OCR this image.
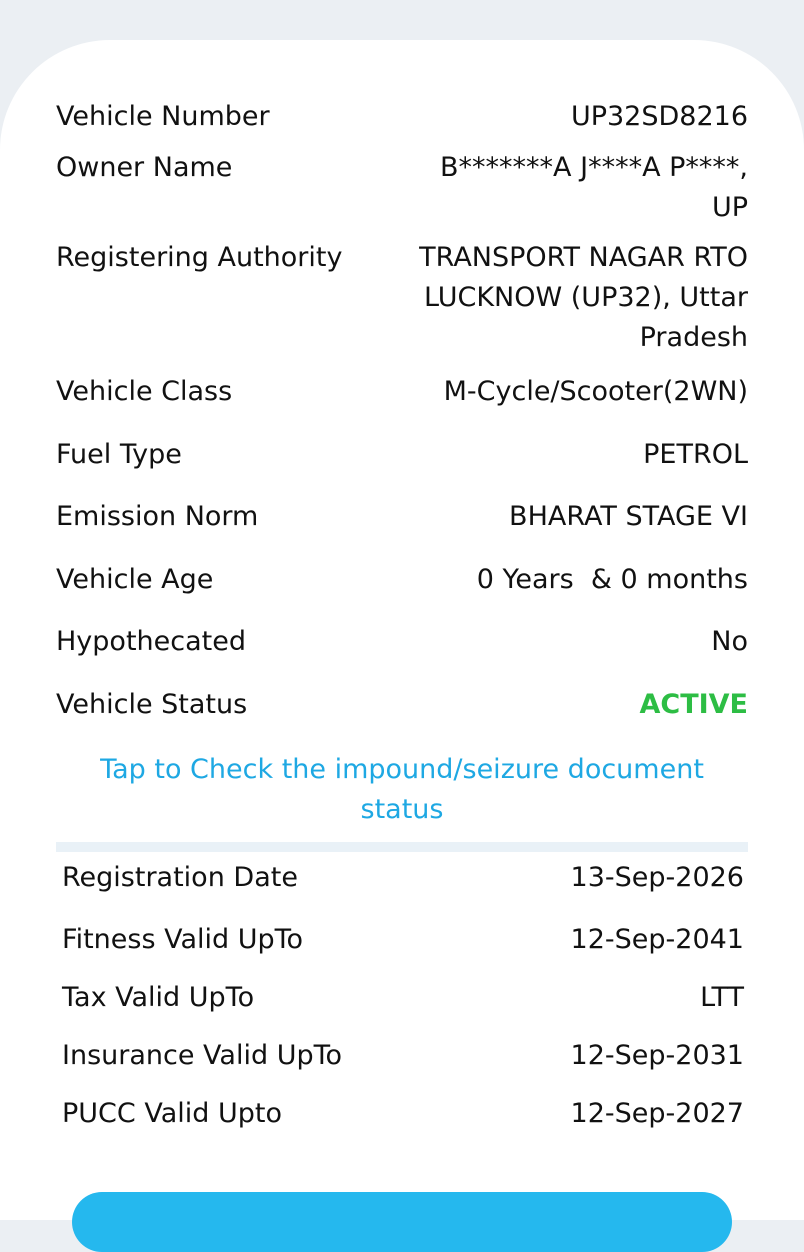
Vehicle Number	UP32SD8216
Owner Name	B*******A J****A P****,
UP
Registering Authority	TRANSPORT NAGAR RTO
LUCKNOW (UP32), Uttar
Pradesh
Vehicle Class	M-Cycle/Scooter(2WN)
Fuel Type	PETROL
Emission Norm	BHARAT STAGE VI
Vehicle Age	0 Years  & 0 months
Hypothecated	No
Vehicle Status	ACTIVE
Tap to Check the impound/seizure document
status
Registration Date	13-Sep-2026
Fitness Valid UpTo	12-Sep-2041
Tax Valid UpTo	LTT
Insurance Valid UpTo	12-Sep-2031
PUCC Valid Upto	12-Sep-2027
